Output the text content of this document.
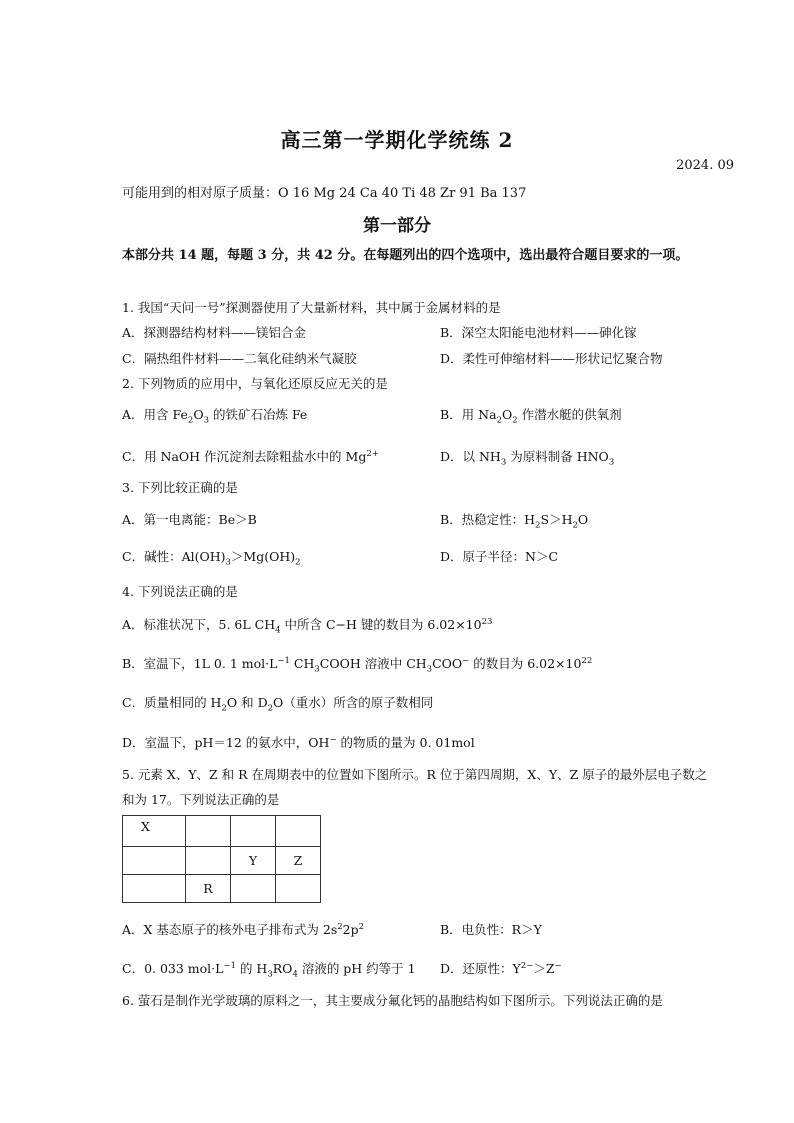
高三第一学期化学统练 2
2024. 09
可能用到的相对原子质量：O 16 Mg 24 Ca 40 Ti 48 Zr 91 Ba 137
第一部分
本部分共 14 题，每题 3 分，共 42 分。在每题列出的四个选项中，选出最符合题目要求的一项。
1. 我国“天问一号”探测器使用了大量新材料，其中属于金属材料的是
A．探测器结构材料——镁铝合金	B．深空太阳能电池材料——砷化镓
C．隔热组件材料——二氧化硅纳米气凝胶	D．柔性可伸缩材料——形状记忆聚合物
2. 下列物质的应用中，与氧化还原反应无关的是
A．用含 $Fe_2O_3$ 的铁矿石冶炼 Fe	B．用 $Na_2O_2$ 作潜水艇的供氧剂
C．用 NaOH 作沉淀剂去除粗盐水中的 $Mg^{2+}$	D．以 $NH_3$ 为原料制备 $HNO_3$
3. 下列比较正确的是
A．第一电离能：Be＞B	B．热稳定性：$H_2S>H_2O$
C．碱性：$Al(OH)_3>Mg(OH)_2$	D．原子半径：N＞C
4. 下列说法正确的是
A．标准状况下，5. 6L $CH_4$ 中所含 C−H 键的数目为 $6.02\times 10^{23}$
B．室温下，1L 0. 1 $mol\cdot L^{-1}$ $CH_3COOH$ 溶液中 $CH_3COO^-$ 的数目为 $6.02\times 10^{22}$
C．质量相同的 $H_2O$ 和 $D_2O$（重水）所含的原子数相同
D．室温下，pH＝12 的氨水中，OH− 的物质的量为 0. 01mol
5. 元素 X、Y、Z 和 R 在周期表中的位置如下图所示。R 位于第四周期，X、Y、Z 原子的最外层电子数之
和为 17。下列说法正确的是
X			
		Y	Z
	R		
A．X 基态原子的核外电子排布式为 $2s^22p^2$	B．电负性：R＞Y
C．0. 033 $mol\cdot L^{-1}$ 的 $H_3RO_4$ 溶液的 pH 约等于 1 D．还原性：$Y^{2-}>Z^-$
6. 萤石是制作光学玻璃的原料之一，其主要成分氟化钙的晶胞结构如下图所示。下列说法正确的是
